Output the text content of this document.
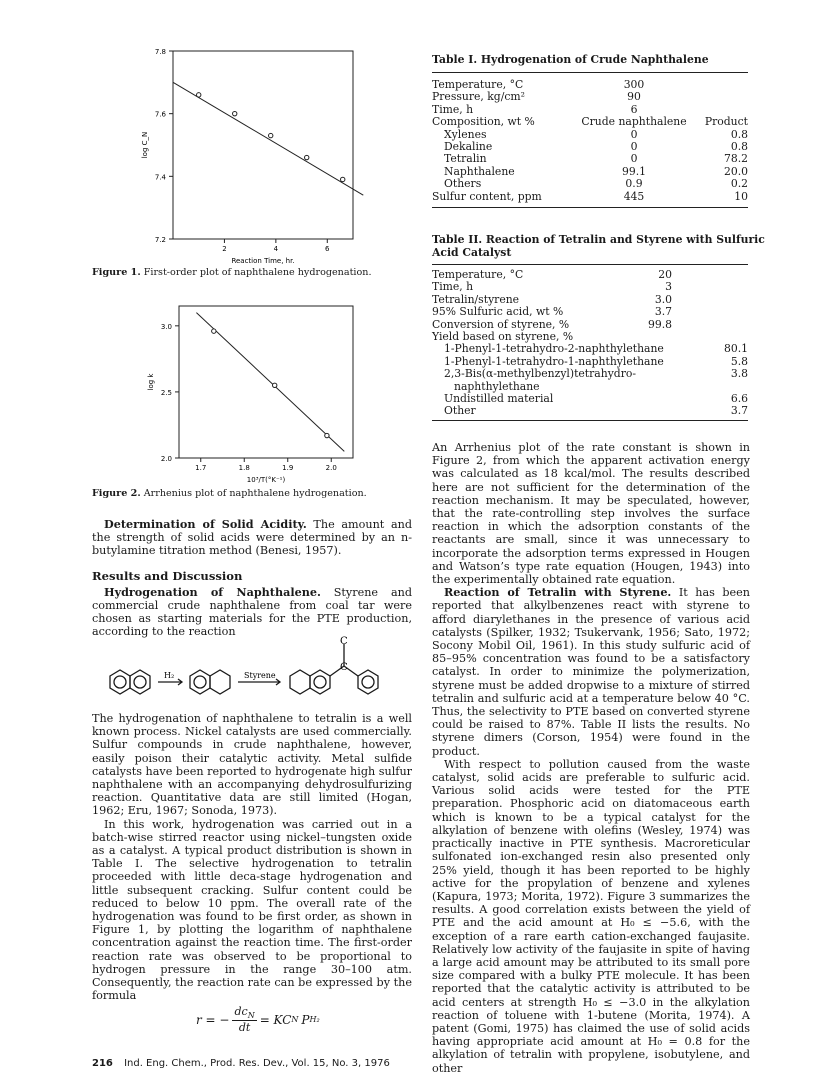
7.8
7.6
7.4
7.2
2	4	6
Reaction Time, hr.
log C_N
Figure 1. First-order plot of naphthalene hydrogenation.
3.0
2.5
2.0
1.7	1.8	1.9	2.0
10³/T(°K⁻¹)
log k
Figure 2. Arrhenius plot of naphthalene hydrogenation.

Determination of Solid Acidity. The amount and the strength of solid acids were determined by an n-butylamine titration method (Benesi, 1957).

Results and Discussion

Hydrogenation of Naphthalene. Styrene and commercial crude naphthalene from coal tar were chosen as starting materials for the PTE production, according to the reaction

H₂	Styrene
C
C

The hydrogenation of naphthalene to tetralin is a well known process. Nickel catalysts are used commercially. Sulfur compounds in crude naphthalene, however, easily poison their catalytic activity. Metal sulfide catalysts have been reported to hydrogenate high sulfur naphthalene with an accompanying dehydrosulfurizing reaction. Quantitative data are still limited (Hogan, 1962; Eru, 1967; Sonoda, 1973).

In this work, hydrogenation was carried out in a batch-wise stirred reactor using nickel–tungsten oxide as a catalyst. A typical product distribution is shown in Table I. The selective hydrogenation to tetralin proceeded with little deca-stage hydrogenation and little subsequent cracking. Sulfur content could be reduced to below 10 ppm. The overall rate of the hydrogenation was found to be first order, as shown in Figure 1, by plotting the logarithm of naphthalene concentration against the reaction time. The first-order reaction rate was observed to be proportional to hydrogen pressure in the range 30–100 atm. Consequently, the reaction rate can be expressed by the formula

r = −
$dc_N$
dt
= KC N P H₂
Table I. Hydrogenation of Crude Naphthalene
Temperature, °C	300	
Pressure, kg/cm²	90	
Time, h	6	
Composition, wt %	Crude naphthalene	Product
Xylenes	0	0.8
Dekaline	0	0.8
Tetralin	0	78.2
Naphthalene	99.1	20.0
Others	0.9	0.2
Sulfur content, ppm	445	10
Table II. Reaction of Tetralin and Styrene with Sulfuric
Acid Catalyst
Temperature, °C 20	

Time, h 3	

Tetralin/styrene 3.0	

95% Sulfuric acid, wt % 3.7	

Conversion of styrene, % 99.8	

Yield based on styrene, %

1-Phenyl-1-tetrahydro-2-naphthylethane	80.1
1-Phenyl-1-tetrahydro-1-naphthylethane	5.8
2,3-Bis(α-methylbenzyl)tetrahydro-	3.8
naphthylethane	
Undistilled material	6.6
Other	3.7

An Arrhenius plot of the rate constant is shown in Figure 2, from which the apparent activation energy was calculated as 18 kcal/mol. The results described here are not sufficient for the determination of the reaction mechanism. It may be speculated, however, that the rate-controlling step involves the surface reaction in which the adsorption constants of the reactants are small, since it was unnecessary to incorporate the adsorption terms expressed in Hougen and Watson’s type rate equation (Hougen, 1943) into the experimentally obtained rate equation.

Reaction of Tetralin with Styrene. It has been reported that alkylbenzenes react with styrene to afford diarylethanes in the presence of various acid catalysts (Spilker, 1932; Tsukervank, 1956; Sato, 1972; Socony Mobil Oil, 1961). In this study sulfuric acid of 85–95% concentration was found to be a satisfactory catalyst. In order to minimize the polymerization, styrene must be added dropwise to a mixture of stirred tetralin and sulfuric acid at a temperature below 40 °C. Thus, the selectivity to PTE based on converted styrene could be raised to 87%. Table II lists the results. No styrene dimers (Corson, 1954) were found in the product.

With respect to pollution caused from the waste catalyst, solid acids are preferable to sulfuric acid. Various solid acids were tested for the PTE preparation. Phosphoric acid on diatomaceous earth which is known to be a typical catalyst for the alkylation of benzene with olefins (Wesley, 1974) was practically inactive in PTE synthesis. Macroreticular sulfonated ion-exchanged resin also presented only 25% yield, though it has been reported to be highly active for the propylation of benzene and xylenes (Kapura, 1973; Morita, 1972). Figure 3 summarizes the results. A good correlation exists between the yield of PTE and the acid amount at H₀ ≤ −5.6, with the exception of a rare earth cation-exchanged faujasite. Relatively low activity of the faujasite in spite of having a large acid amount may be attributed to its small pore size compared with a bulky PTE molecule. It has been reported that the catalytic activity is attributed to be acid centers at strength H₀ ≤ −3.0 in the alkylation reaction of toluene with 1-butene (Morita, 1974). A patent (Gomi, 1975) has claimed the use of solid acids having appropriate acid amount at H₀ = 0.8 for the alkylation of tetralin with propylene, isobutylene, and other

216 Ind. Eng. Chem., Prod. Res. Dev., Vol. 15, No. 3, 1976
